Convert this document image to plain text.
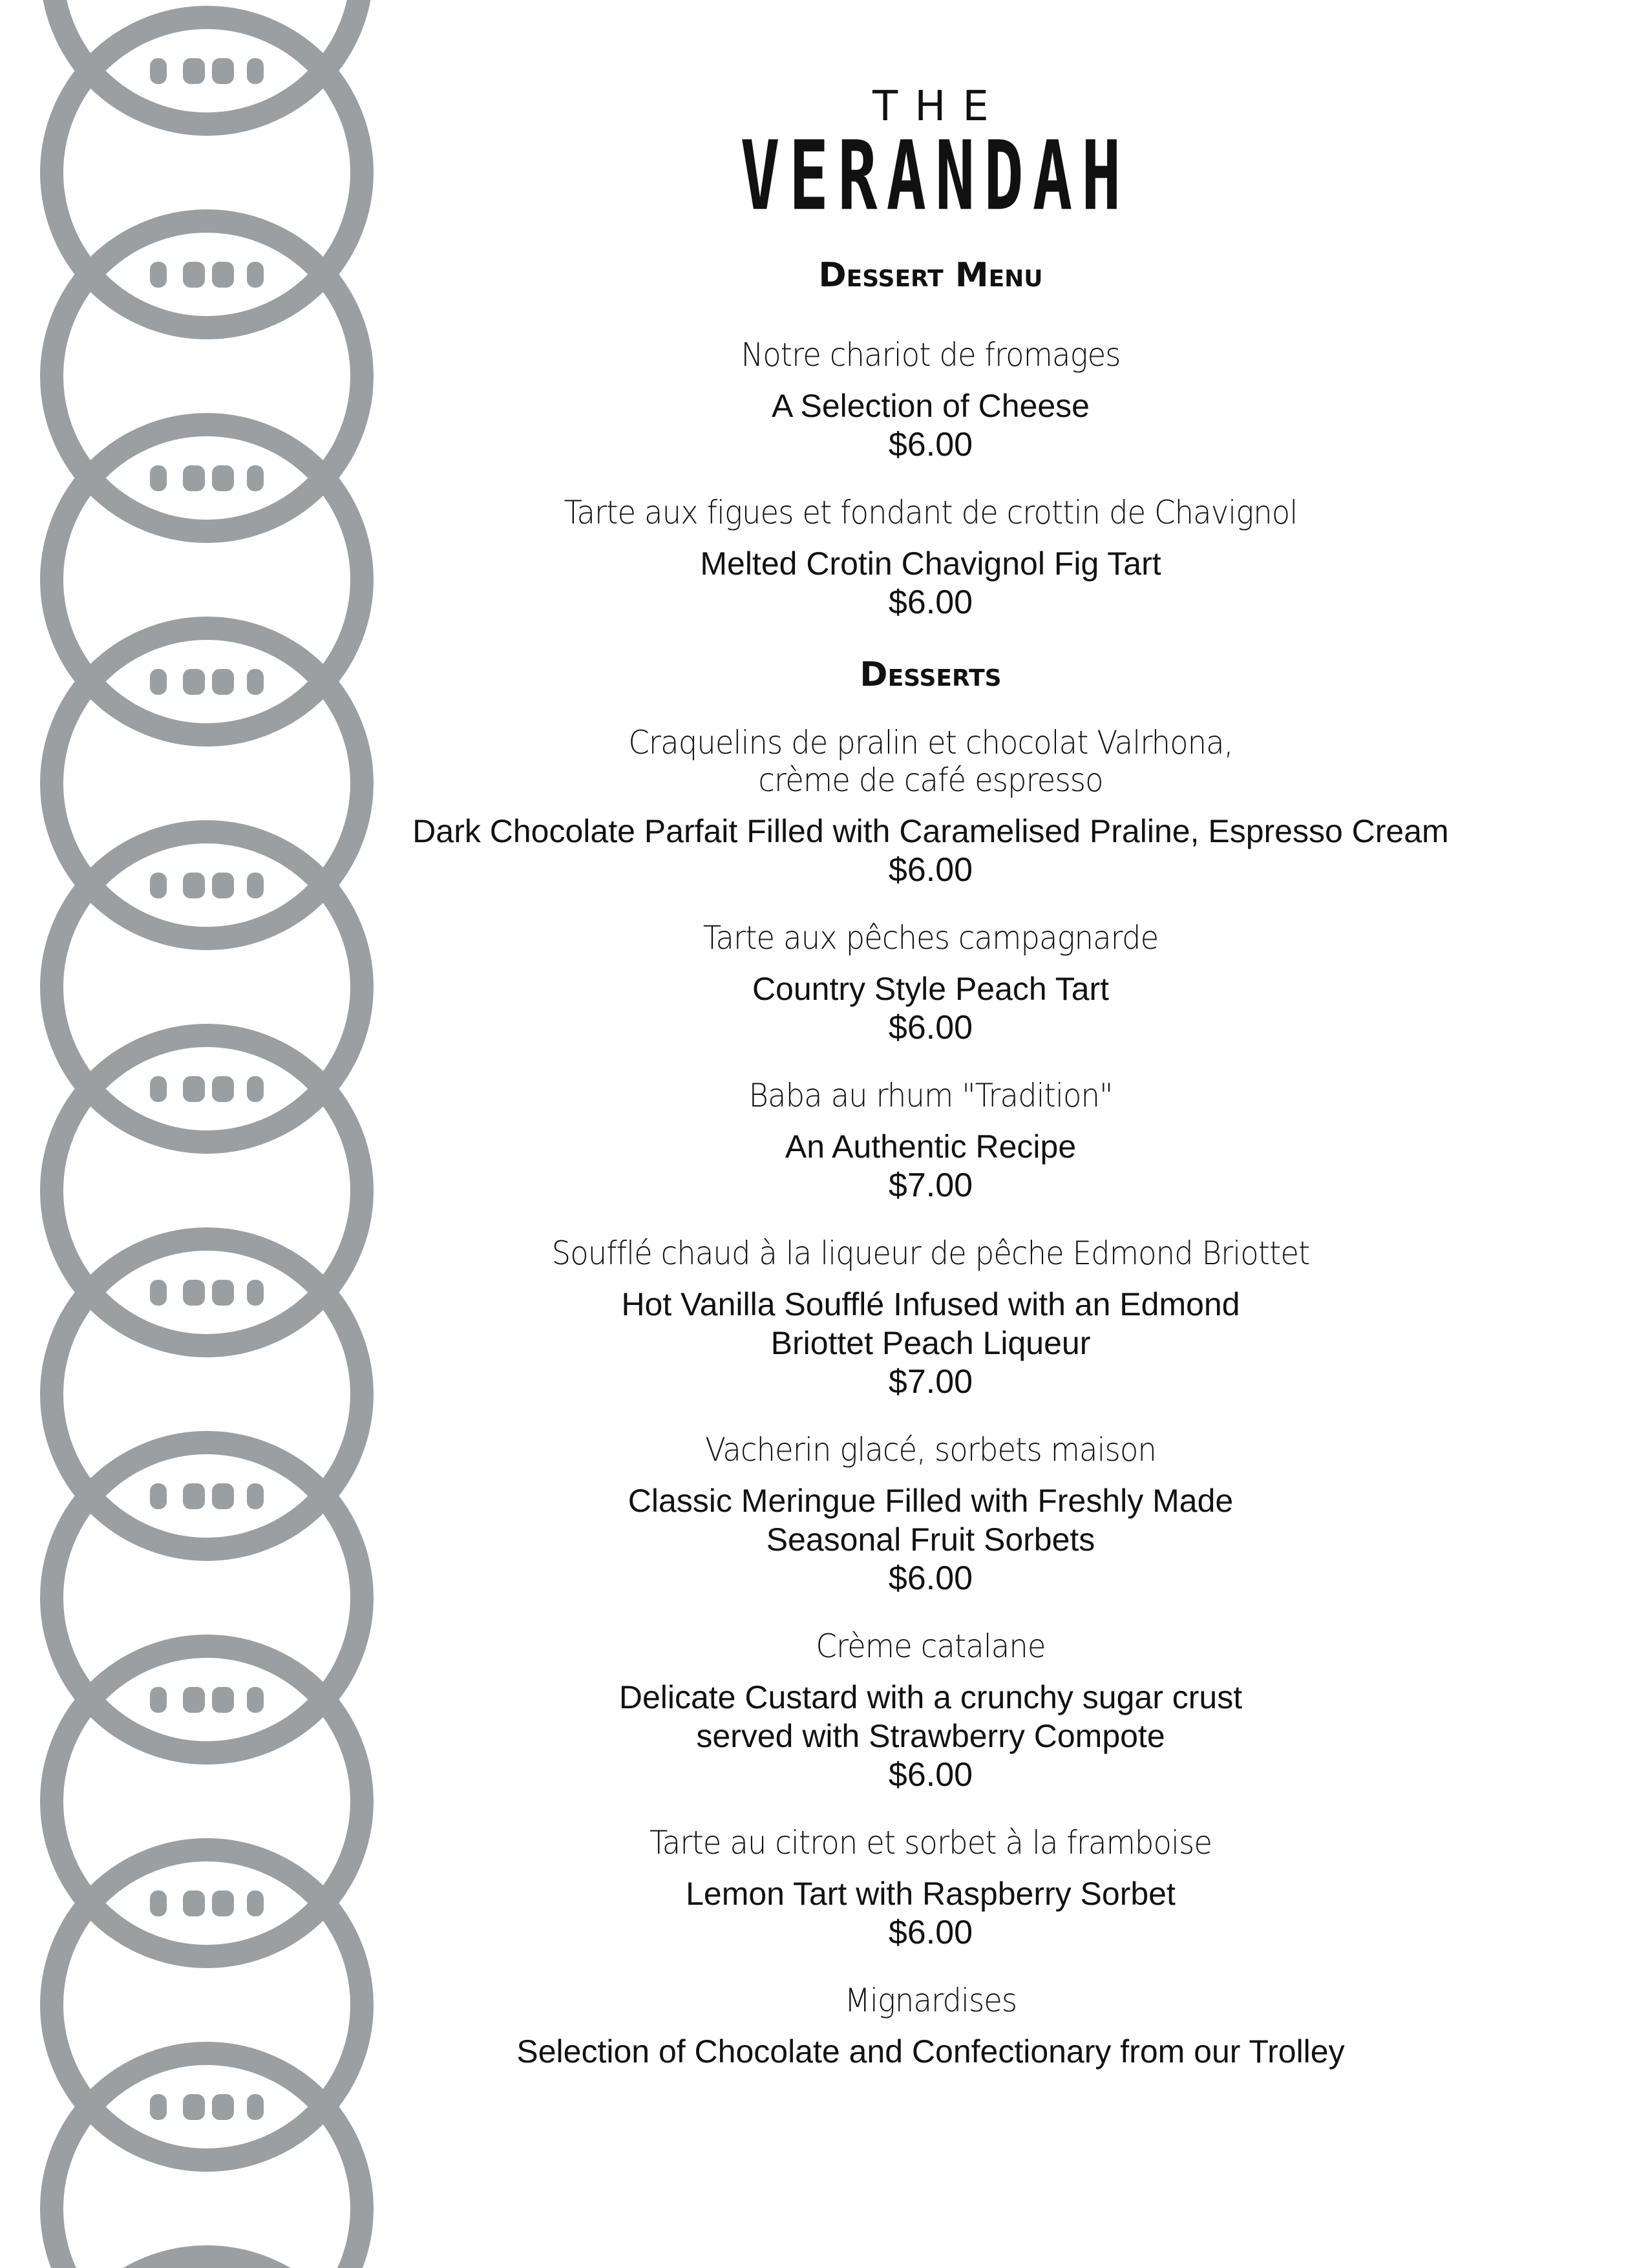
THE
VERANDAH
Dessert Menu
Notre chariot de fromages
A Selection of Cheese
$6.00
Tarte aux figues et fondant de crottin de Chavignol
Melted Crotin Chavignol Fig Tart
$6.00
Desserts
Craquelins de pralin et chocolat Valrhona,
crème de café espresso
Dark Chocolate Parfait Filled with Caramelised Praline, Espresso Cream
$6.00
Tarte aux pêches campagnarde
Country Style Peach Tart
$6.00
Baba au rhum "Tradition"
An Authentic Recipe
$7.00
Soufflé chaud à la liqueur de pêche Edmond Briottet
Hot Vanilla Soufflé Infused with an Edmond
Briottet Peach Liqueur
$7.00
Vacherin glacé, sorbets maison
Classic Meringue Filled with Freshly Made
Seasonal Fruit Sorbets
$6.00
Crème catalane
Delicate Custard with a crunchy sugar crust
served with Strawberry Compote
$6.00
Tarte au citron et sorbet à la framboise
Lemon Tart with Raspberry Sorbet
$6.00
Mignardises
Selection of Chocolate and Confectionary from our Trolley
